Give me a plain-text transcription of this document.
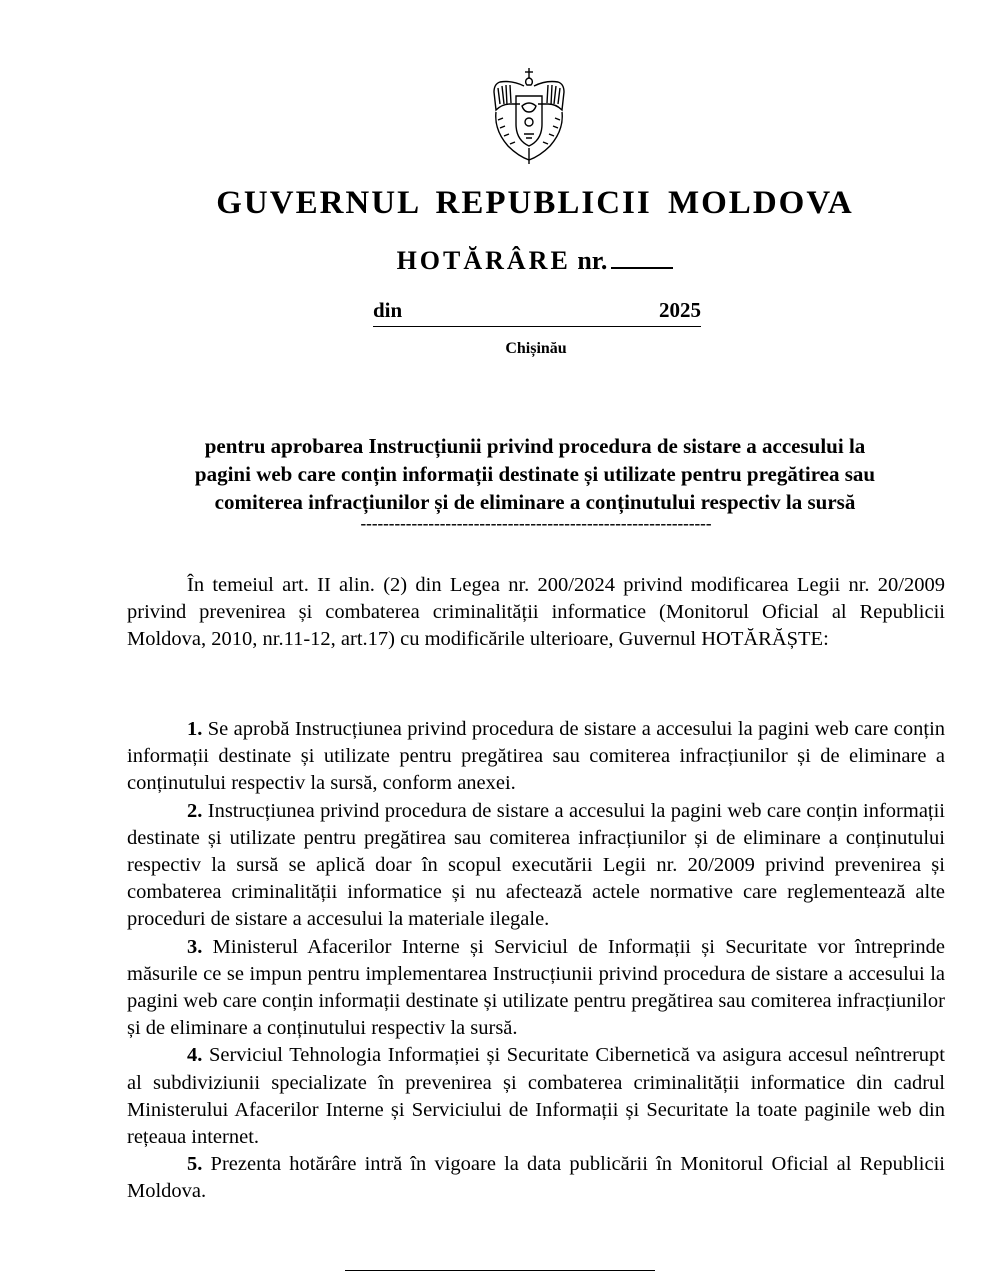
GUVERNUL REPUBLICII MOLDOVA
HOTĂRÂRE nr.
din	2025
Chișinău
pentru aprobarea Instrucțiunii privind procedura de sistare a accesului la
pagini web care conțin informații destinate și utilizate pentru pregătirea sau
comiterea infracțiunilor și de eliminare a conținutului respectiv la sursă
--------------------------------------------------------------

În temeiul art. II alin. (2) din Legea nr. 200/2024 privind modificarea Legii nr. 20/2009 privind prevenirea și combaterea criminalității informatice (Monitorul Oficial al Republicii Moldova, 2010, nr.11-12, art.17) cu modificările ulterioare, Guvernul HOTĂRĂȘTE:

1. Se aprobă Instrucțiunea privind procedura de sistare a accesului la pagini web care conțin informații destinate și utilizate pentru pregătirea sau comiterea infracțiunilor și de eliminare a conținutului respectiv la sursă, conform anexei.

2. Instrucțiunea privind procedura de sistare a accesului la pagini web care conțin informații destinate și utilizate pentru pregătirea sau comiterea infracțiunilor și de eliminare a conținutului respectiv la sursă se aplică doar în scopul executării Legii nr. 20/2009 privind prevenirea și combaterea criminalității informatice și nu afectează actele normative care reglementează alte proceduri de sistare a accesului la materiale ilegale.

3. Ministerul Afacerilor Interne și Serviciul de Informații și Securitate vor întreprinde măsurile ce se impun pentru implementarea Instrucțiunii privind procedura de sistare a accesului la pagini web care conțin informații destinate și utilizate pentru pregătirea sau comiterea infracțiunilor și de eliminare a conținutului respectiv la sursă.

4. Serviciul Tehnologia Informației și Securitate Cibernetică va asigura accesul neîntrerupt al subdiviziunii specializate în prevenirea și combaterea criminalității informatice din cadrul Ministerului Afacerilor Interne și Serviciului de Informații și Securitate la toate paginile web din rețeaua internet.

5. Prezenta hotărâre intră în vigoare la data publicării în Monitorul Oficial al Republicii Moldova.
